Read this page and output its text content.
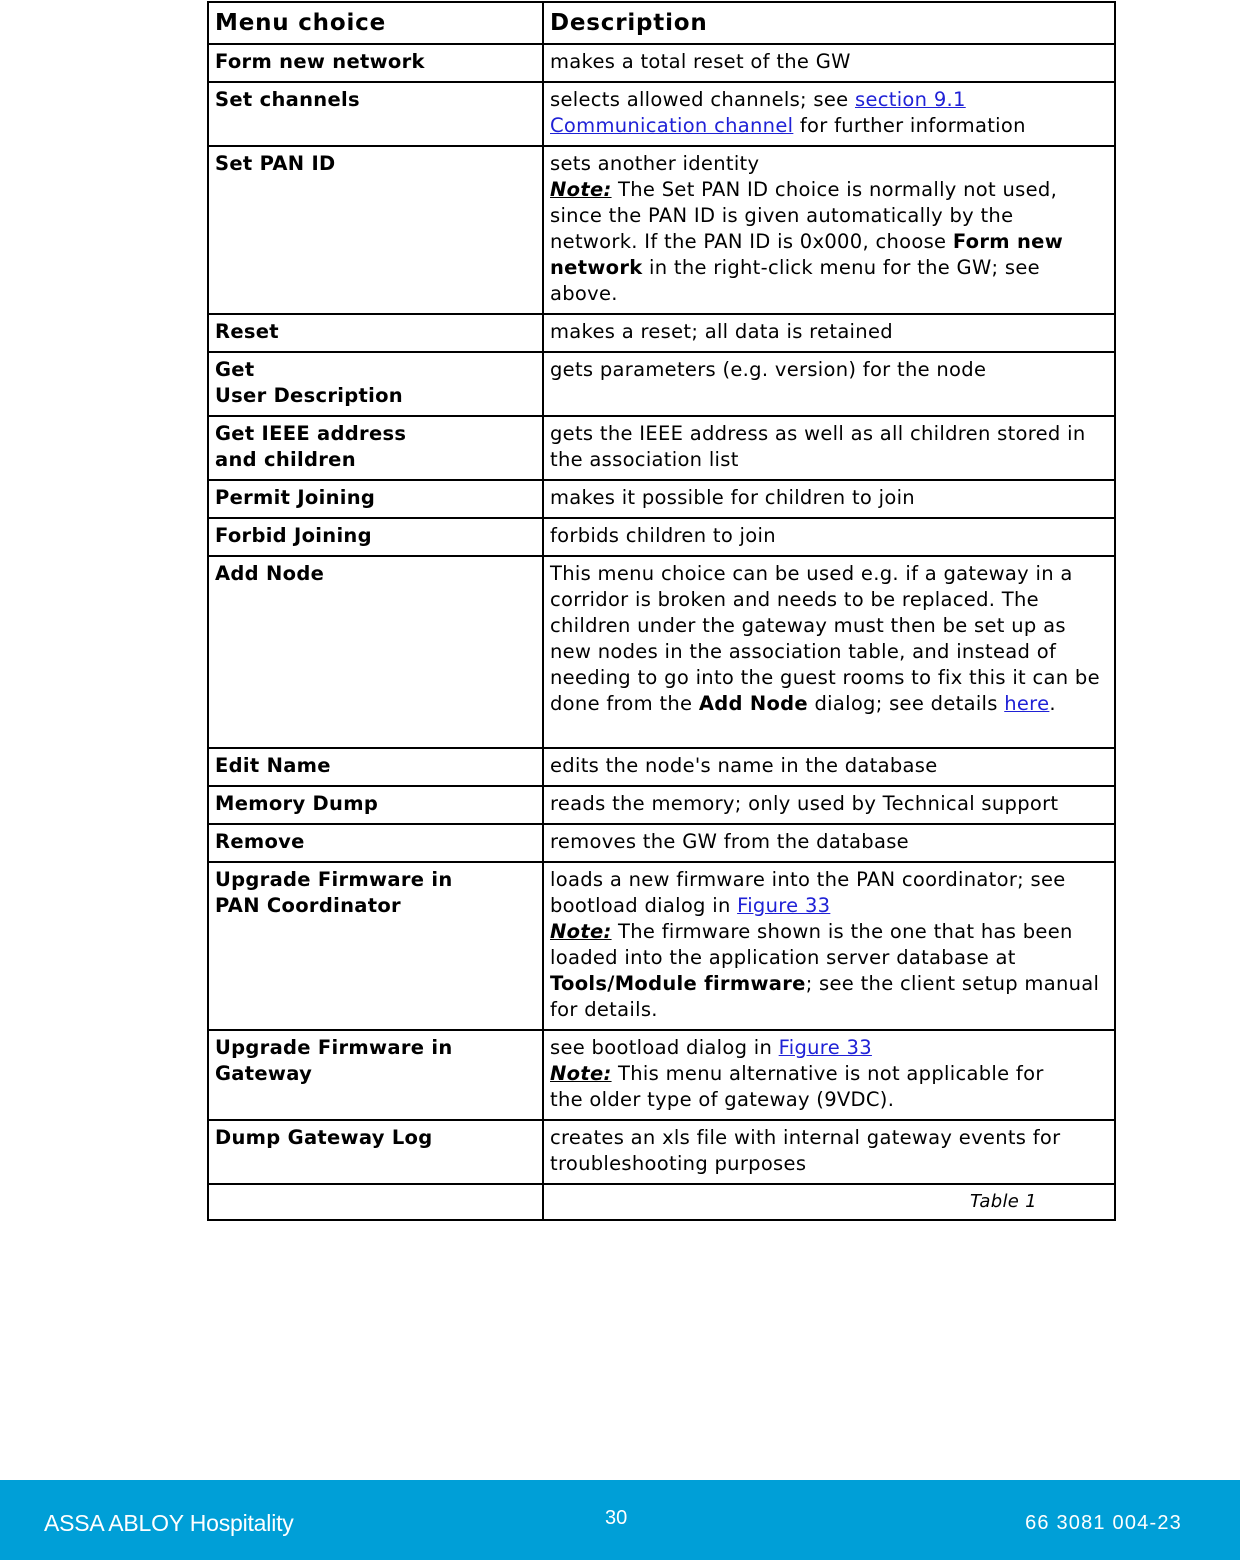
Menu choice	Description
Form new network	makes a total reset of the GW
Set channels	selects allowed channels; see section 9.1
Communication channel for further information
Set PAN ID	sets another identity
Note: The Set PAN ID choice is normally not used, since the PAN ID is given automatically by the network. If the PAN ID is 0x000, choose Form new network in the right-click menu for the GW; see above.
Reset	makes a reset; all data is retained
Get
User Description	gets parameters (e.g. version) for the node
Get IEEE address
and children	gets the IEEE address as well as all children stored in the association list
Permit Joining	makes it possible for children to join
Forbid Joining	forbids children to join
Add Node	This menu choice can be used e.g. if a gateway in a corridor is broken and needs to be replaced. The children under the gateway must then be set up as new nodes in the association table, and instead of needing to go into the guest rooms to fix this it can be done from the Add Node dialog; see details here.
Edit Name	edits the node's name in the database
Memory Dump	reads the memory; only used by Technical support
Remove	removes the GW from the database
Upgrade Firmware in
PAN Coordinator	loads a new firmware into the PAN coordinator; see bootload dialog in Figure 33
Note: The firmware shown is the one that has been loaded into the application server database at Tools/Module firmware; see the client setup manual for details.
Upgrade Firmware in
Gateway	see bootload dialog in Figure 33
Note: This menu alternative is not applicable for the older type of gateway (9VDC).
Dump Gateway Log	creates an xls file with internal gateway events for troubleshooting purposes

	Table 1
ASSA ABLOY Hospitality	30	66 3081 004-23
